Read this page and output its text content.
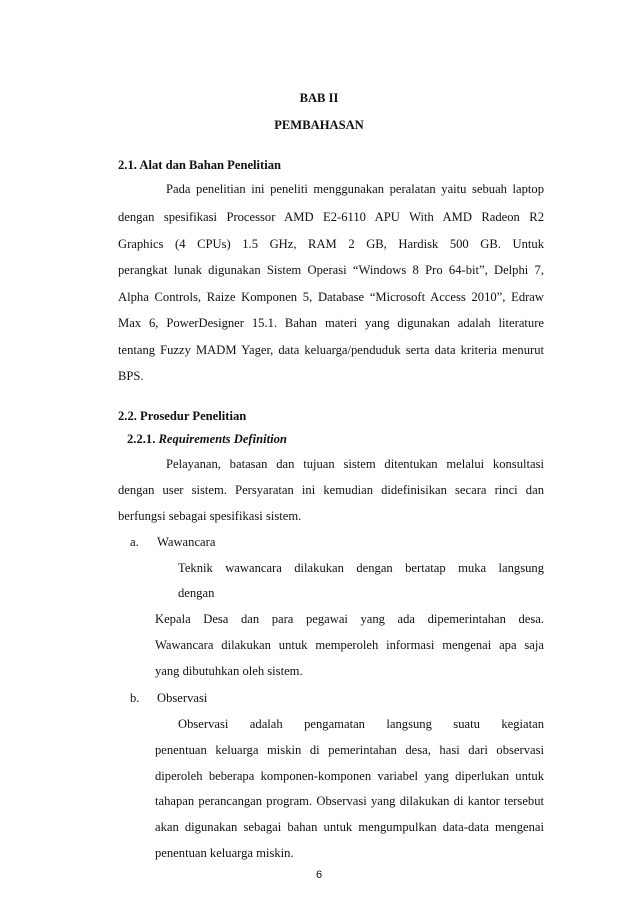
BAB II
PEMBAHASAN
2.1. Alat dan Bahan Penelitian
Pada penelitian ini peneliti menggunakan peralatan yaitu sebuah laptop
dengan spesifikasi Processor AMD E2-6110 APU With AMD Radeon R2
Graphics (4 CPUs) 1.5 GHz, RAM 2 GB, Hardisk 500 GB. Untuk
perangkat lunak digunakan Sistem Operasi “Windows 8 Pro 64-bit”, Delphi 7,
Alpha Controls, Raize Komponen 5, Database “Microsoft Access 2010”, Edraw
Max 6, PowerDesigner 15.1. Bahan materi yang digunakan adalah literature
tentang Fuzzy MADM Yager, data keluarga/penduduk serta data kriteria menurut
BPS.
2.2. Prosedur Penelitian
2.2.1. Requirements Definition
Pelayanan, batasan dan tujuan sistem ditentukan melalui konsultasi
dengan user sistem. Persyaratan ini kemudian didefinisikan secara rinci dan
berfungsi sebagai spesifikasi sistem.
a. Wawancara
Teknik wawancara dilakukan dengan bertatap muka langsung
dengan
Kepala Desa dan para pegawai yang ada dipemerintahan desa.
Wawancara dilakukan untuk memperoleh informasi mengenai apa saja
yang dibutuhkan oleh sistem.
b. Observasi
Observasi adalah pengamatan langsung suatu kegiatan
penentuan keluarga miskin di pemerintahan desa, hasi dari observasi
diperoleh beberapa komponen-komponen variabel yang diperlukan untuk
tahapan perancangan program. Observasi yang dilakukan di kantor tersebut
akan digunakan sebagai bahan untuk mengumpulkan data-data mengenai
penentuan keluarga miskin.
6
